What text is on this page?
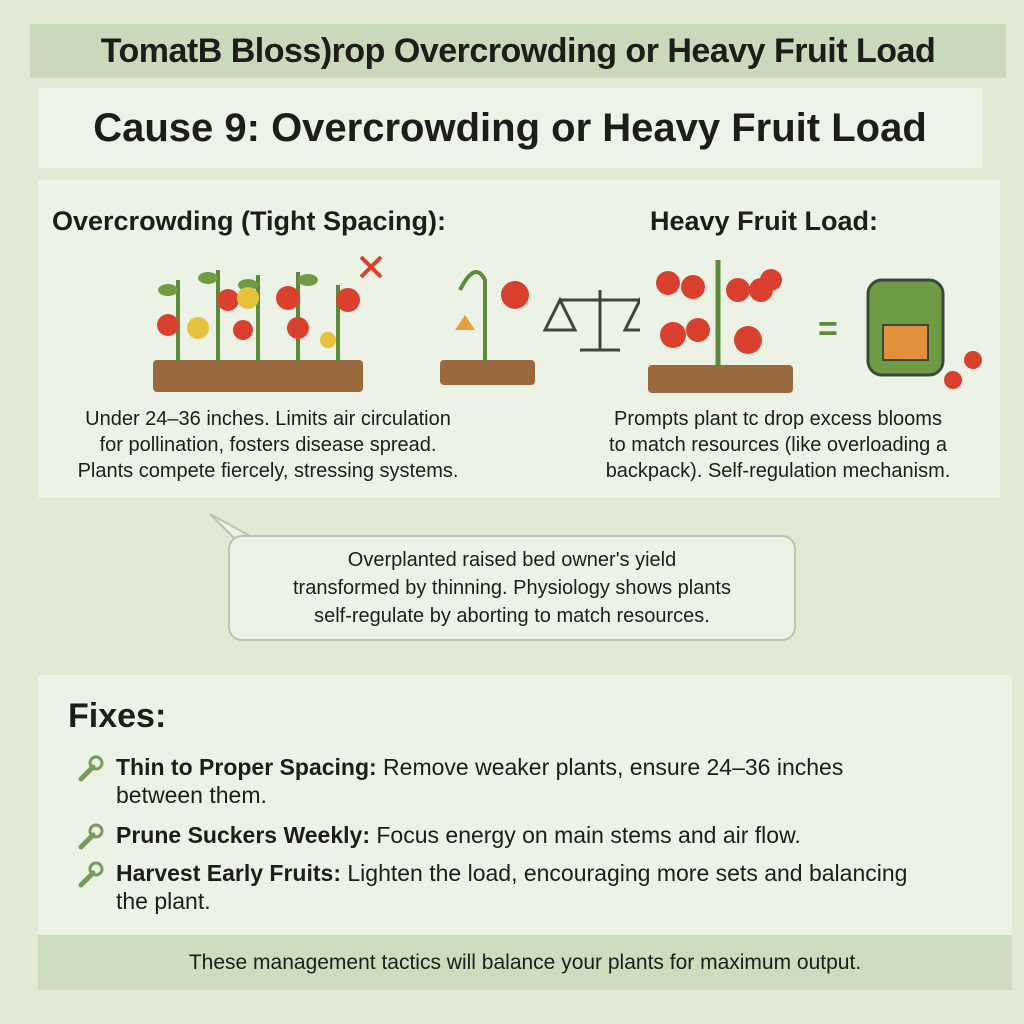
TomatB Bloss)rop Overcrowding or Heavy Fruit Load
Cause 9: Overcrowding or Heavy Fruit Load
Overcrowding (Tight Spacing):	Heavy Fruit Load:
=
Under 24–36 inches. Limits air circulation
for pollination, fosters disease spread.
Plants compete fiercely, stressing systems.
Prompts plant tc drop excess blooms
to match resources (like overloading a
backpack). Self-regulation mechanism.
Overplanted raised bed owner's yield
transformed by thinning. Physiology shows plants
self-regulate by aborting to match resources.
Fixes:
Thin to Proper Spacing: Remove weaker plants, ensure 24–36 inches between them.
Prune Suckers Weekly: Focus energy on main stems and air flow.
Harvest Early Fruits: Lighten the load, encouraging more sets and balancing the plant.
These management tactics will balance your plants for maximum output.
